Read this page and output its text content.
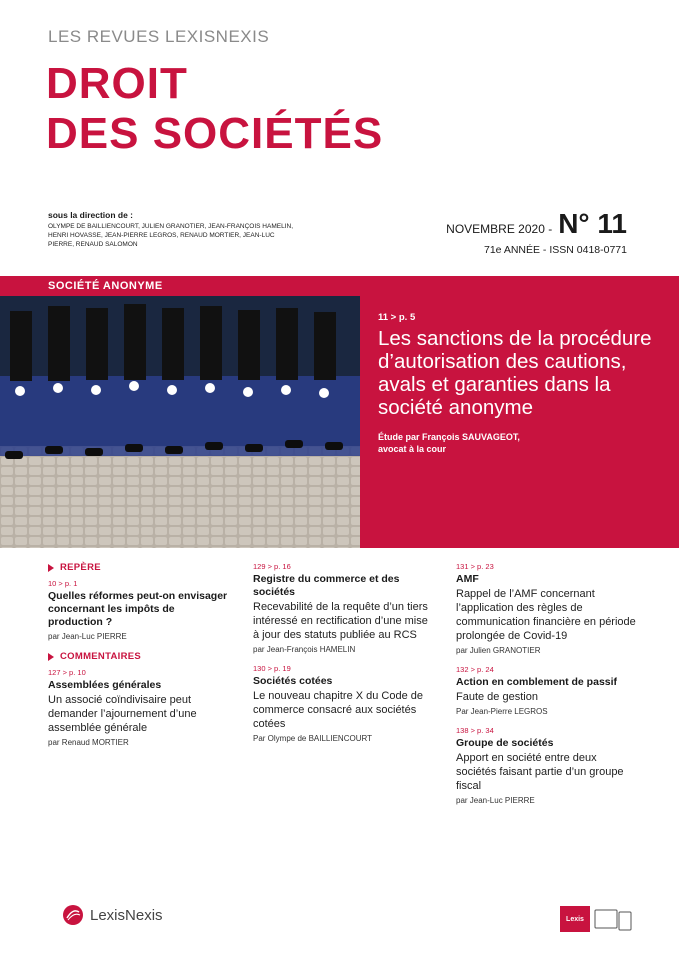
LES REVUES LEXISNEXIS
DROIT
DES SOCIÉTÉS
sous la direction de :
OLYMPE DE BAILLIENCOURT, JULIEN GRANOTIER, JEAN-FRANÇOIS HAMELIN, HENRI HOVASSE, JEAN-PIERRE LEGROS, RENAUD MORTIER, JEAN-LUC PIERRE, RENAUD SALOMON
NOVEMBRE 2020 - N° 11
71e ANNÉE - ISSN 0418-0771
SOCIÉTÉ ANONYME
11 > p. 5
Les sanctions de la procédure d’autorisation des cautions, avals et garanties dans la société anonyme
Étude par François SAUVAGEOT,
avocat à la cour
REPÈRE
10 > p. 1
Quelles réformes peut-on envisager concernant les impôts de production ?
par Jean-Luc PIERRE
COMMENTAIRES
127 > p. 10
Assemblées générales
Un associé coïndivisaire peut demander l’ajournement d’une assemblée générale
par Renaud MORTIER
129 > p. 16
Registre du commerce et des sociétés
Recevabilité de la requête d’un tiers intéressé en rectification d’une mise à jour des statuts publiée au RCS
par Jean-François HAMELIN
130 > p. 19
Sociétés cotées
Le nouveau chapitre X du Code de commerce consacré aux sociétés cotées
Par Olympe de BAILLIENCOURT
131 > p. 23
AMF
Rappel de l’AMF concernant l’application des règles de communication financière en période prolongée de Covid-19
par Julien GRANOTIER
132 > p. 24
Action en comblement de passif
Faute de gestion
Par Jean-Pierre LEGROS
138 > p. 34
Groupe de sociétés
Apport en société entre deux sociétés faisant partie d’un groupe fiscal
par Jean-Luc PIERRE
LexisNexis	Lexis
